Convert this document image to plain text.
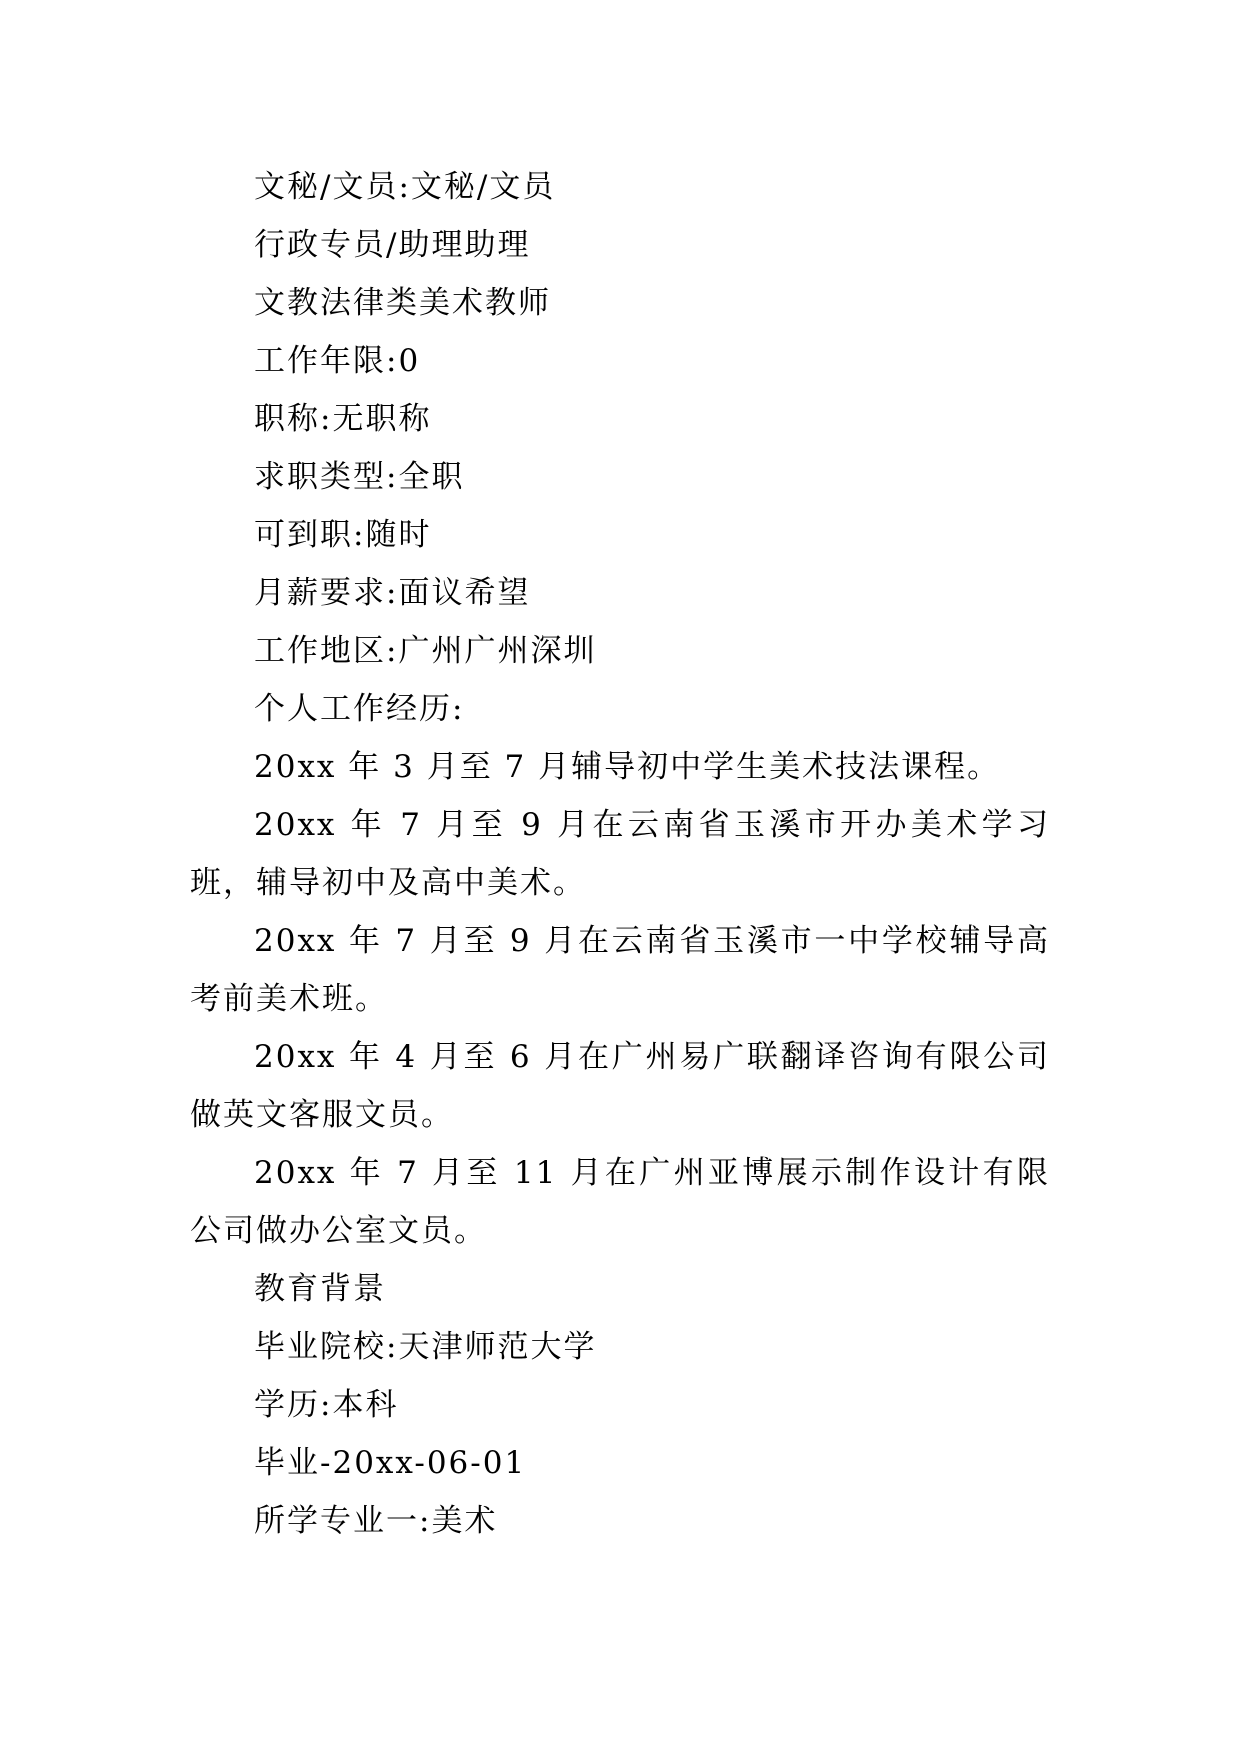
文秘/文员:文秘/文员

行政专员/助理助理

文教法律类美术教师

工作年限:0

职称:无职称

求职类型:全职

可到职:随时

月薪要求:面议希望

工作地区:广州广州深圳

个人工作经历:

20xx 年 3 月至 7 月辅导初中学生美术技法课程。

20xx 年 7 月至 9 月在云南省玉溪市开办美术学习班，辅导初中及高中美术。

20xx 年 7 月至 9 月在云南省玉溪市一中学校辅导高考前美术班。

20xx 年 4 月至 6 月在广州易广联翻译咨询有限公司做英文客服文员。

20xx 年 7 月至 11 月在广州亚博展示制作设计有限公司做办公室文员。

教育背景

毕业院校:天津师范大学

学历:本科

毕业-20xx-06-01

所学专业一:美术
